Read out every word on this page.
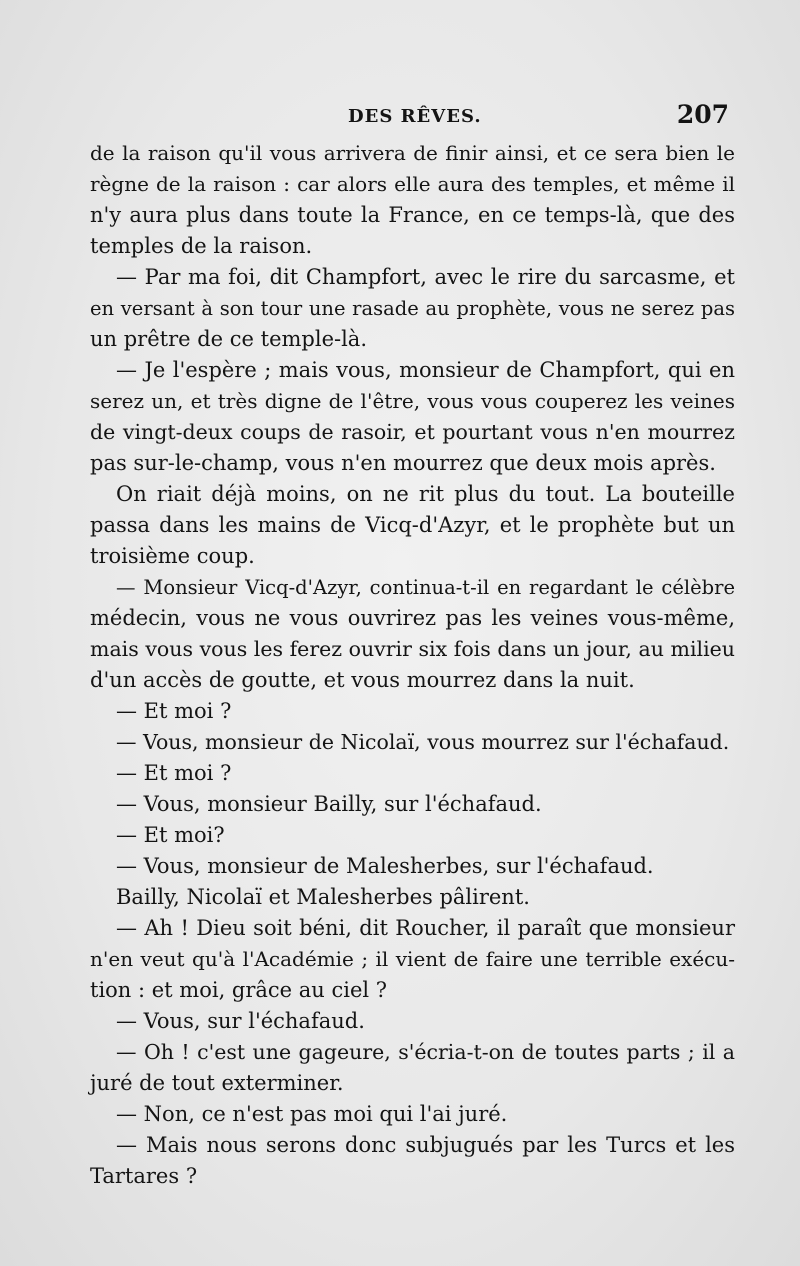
DES RÊVES.	207
de la raison qu'il vous arrivera de finir ainsi, et ce sera bien le
règne de la raison : car alors elle aura des temples, et même il
n'y aura plus dans toute la France, en ce temps-là, que des
temples de la raison.
— Par ma foi, dit Champfort, avec le rire du sarcasme, et
en versant à son tour une rasade au prophète, vous ne serez pas
un prêtre de ce temple-là.
— Je l'espère ; mais vous, monsieur de Champfort, qui en
serez un, et très digne de l'être, vous vous couperez les veines
de vingt-deux coups de rasoir, et pourtant vous n'en mourrez
pas sur-le-champ, vous n'en mourrez que deux mois après.
On riait déjà moins, on ne rit plus du tout. La bouteille
passa dans les mains de Vicq-d'Azyr, et le prophète but un
troisième coup.
— Monsieur Vicq-d'Azyr, continua-t-il en regardant le célèbre
médecin, vous ne vous ouvrirez pas les veines vous-même,
mais vous vous les ferez ouvrir six fois dans un jour, au milieu
d'un accès de goutte, et vous mourrez dans la nuit.
— Et moi ?
— Vous, monsieur de Nicolaï, vous mourrez sur l'échafaud.
— Et moi ?
— Vous, monsieur Bailly, sur l'échafaud.
— Et moi?
— Vous, monsieur de Malesherbes, sur l'échafaud.
Bailly, Nicolaï et Malesherbes pâlirent.
— Ah ! Dieu soit béni, dit Roucher, il paraît que monsieur
n'en veut qu'à l'Académie ; il vient de faire une terrible exécu-
tion : et moi, grâce au ciel ?
— Vous, sur l'échafaud.
— Oh ! c'est une gageure, s'écria-t-on de toutes parts ; il a
juré de tout exterminer.
— Non, ce n'est pas moi qui l'ai juré.
— Mais nous serons donc subjugués par les Turcs et les
Tartares ?
